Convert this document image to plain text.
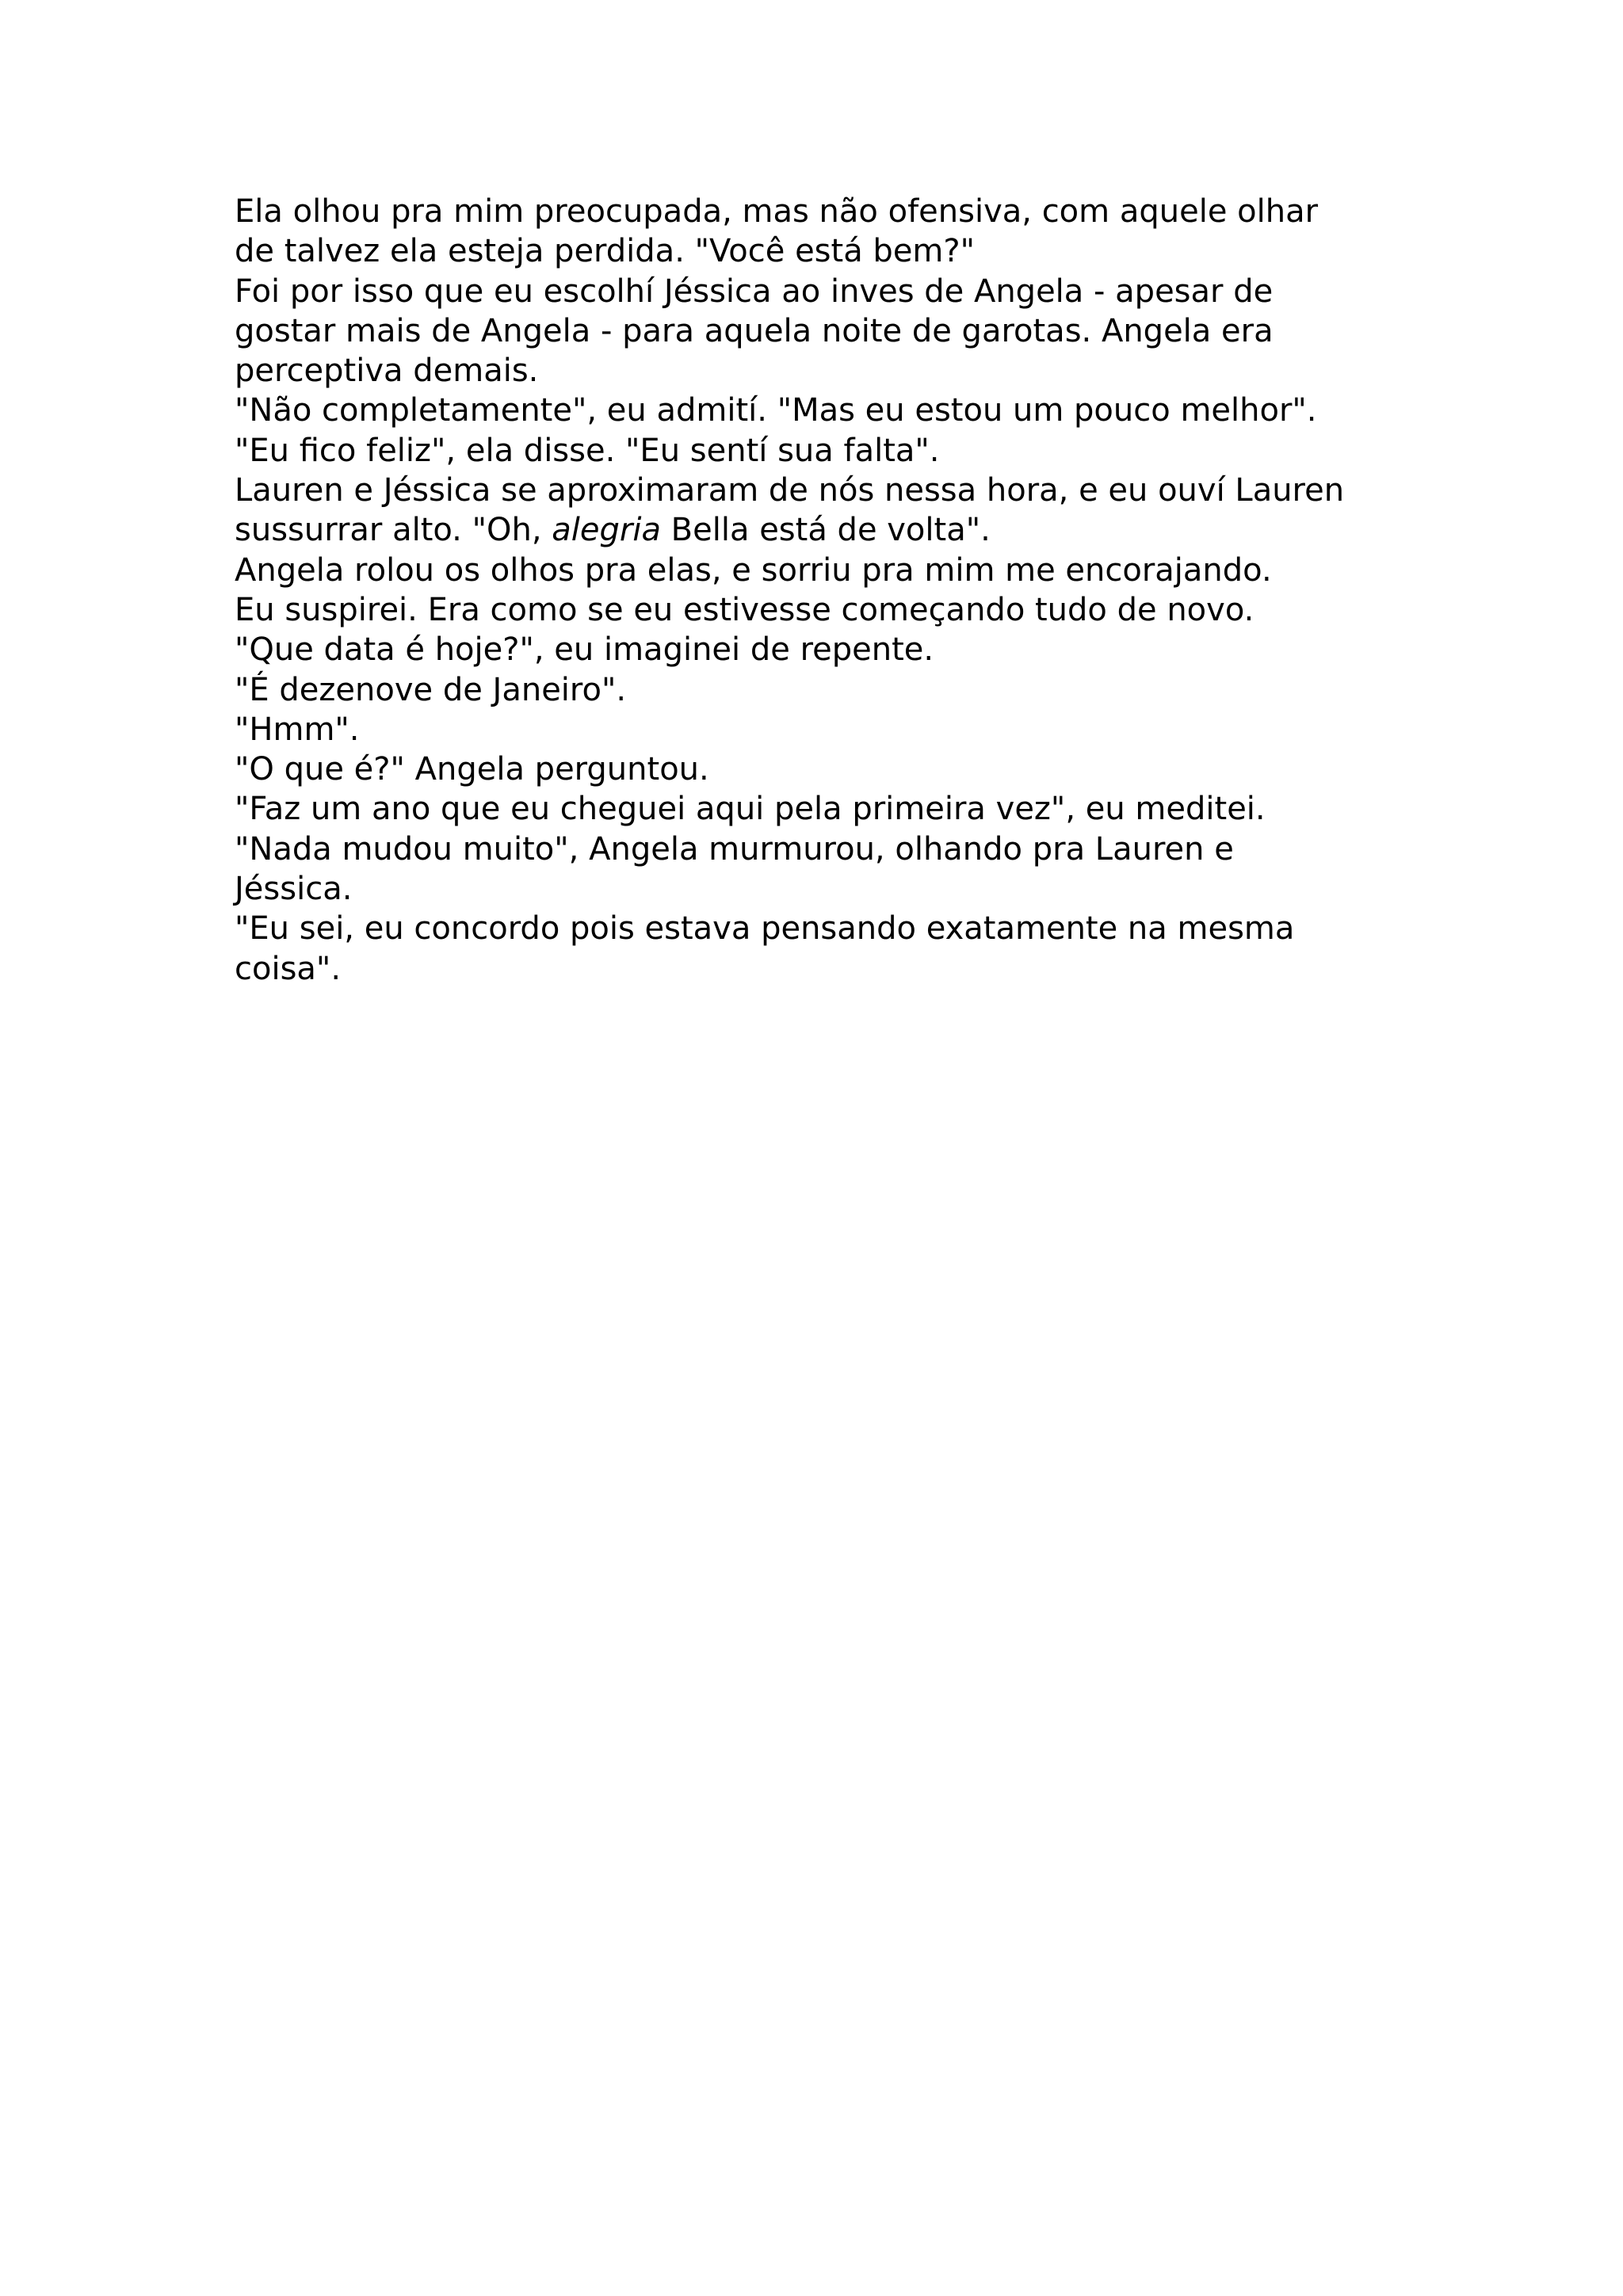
Ela olhou pra mim preocupada, mas não ofensiva, com aquele olhar
de talvez ela esteja perdida. "Você está bem?"
Foi por isso que eu escolhí Jéssica ao inves de Angela - apesar de
gostar mais de Angela - para aquela noite de garotas. Angela era
perceptiva demais.
"Não completamente", eu admití. "Mas eu estou um pouco melhor".
"Eu fico feliz", ela disse. "Eu sentí sua falta".
Lauren e Jéssica se aproximaram de nós nessa hora, e eu ouví Lauren
sussurrar alto. "Oh, alegria Bella está de volta".
Angela rolou os olhos pra elas, e sorriu pra mim me encorajando.
Eu suspirei. Era como se eu estivesse começando tudo de novo.
"Que data é hoje?", eu imaginei de repente.
"É dezenove de Janeiro".
"Hmm".
"O que é?" Angela perguntou.
"Faz um ano que eu cheguei aqui pela primeira vez", eu meditei.
"Nada mudou muito", Angela murmurou, olhando pra Lauren e
Jéssica.
"Eu sei, eu concordo pois estava pensando exatamente na mesma
coisa".
